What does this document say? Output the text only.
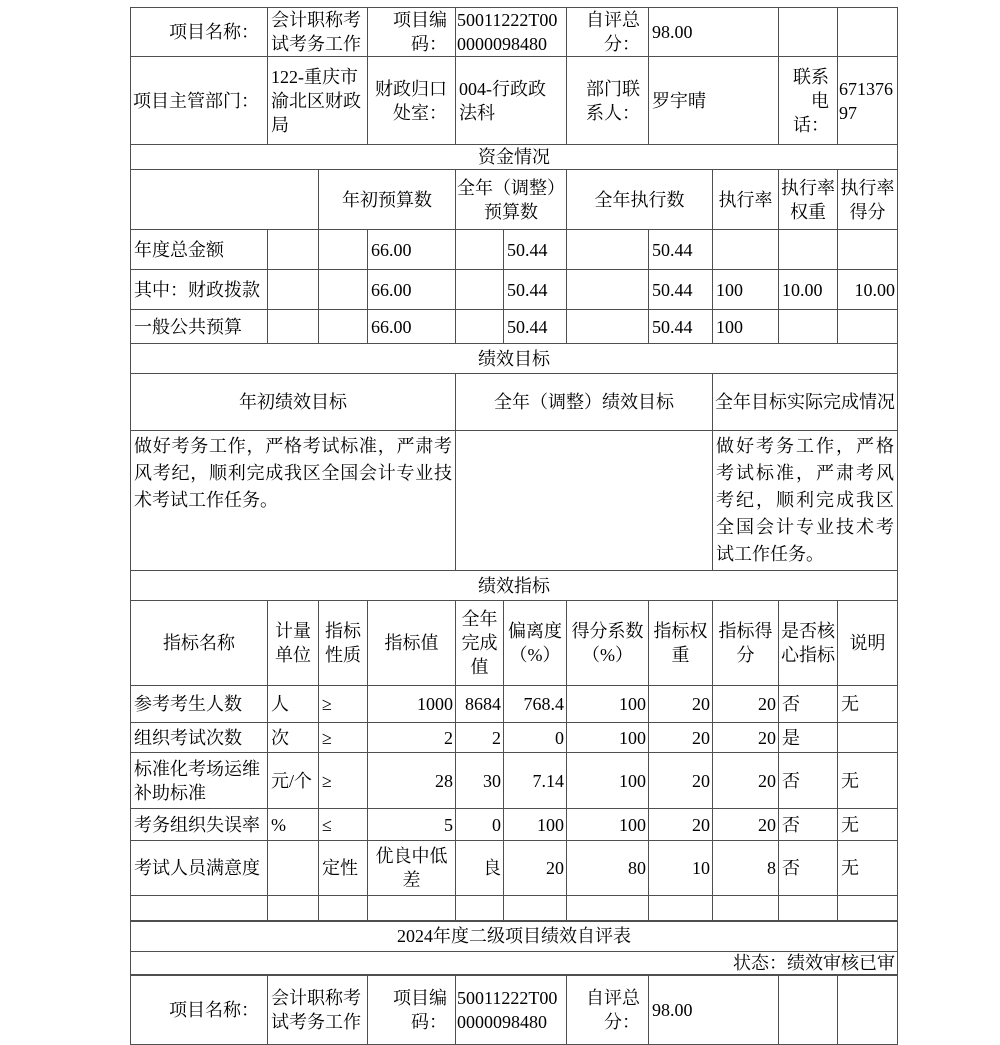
项目名称：	会计职称考试考务工作		项目编码：	50011222T000000098480		自评总分：	98.00			
项目主管部门：	122-重庆市渝北区财政局		财政归口处室：	004-行政政法科		部门联系人：	罗宇晴		联系电话：	67137697
资金情况										
		年初预算数		全年（调整）预算数		全年执行数		执行率	执行率权重	执行率得分
年度总金额			66.00		50.44		50.44			
其中：财政拨款			66.00		50.44		50.44	100	10.00	10.00
一般公共预算			66.00		50.44		50.44	100		
绩效目标										
年初绩效目标				全年（调整）绩效目标				全年目标实际完成情况		
做好考务工作，严格考试标准，严肃考风考纪，顺利完成我区全国会计专业技术考试工作任务。								做好考务工作，严格考试标准，严肃考风考纪，顺利完成我区全国会计专业技术考试工作任务。		
绩效指标										
指标名称	计量单位	指标性质	指标值	全年完成值	偏离度（%）	得分系数（%）	指标权重	指标得分	是否核心指标	说明
参考考生人数	人	≥	1000	8684	768.4	100	20	20	否	无
组织考试次数	次	≥	2	2	0	100	20	20	是	
标准化考场运维补助标准	元/个	≥	28	30	7.14	100	20	20	否	无
考务组织失误率	%	≤	5	0	100	100	20	20	否	无
考试人员满意度		定性	优良中低差	良	20	80	10	8	否	无

2024年度二级项目绩效自评表										
状态：绩效审核已审										
项目名称：	会计职称考试考务工作		项目编码：	50011222T000000098480		自评总分：	98.00			
